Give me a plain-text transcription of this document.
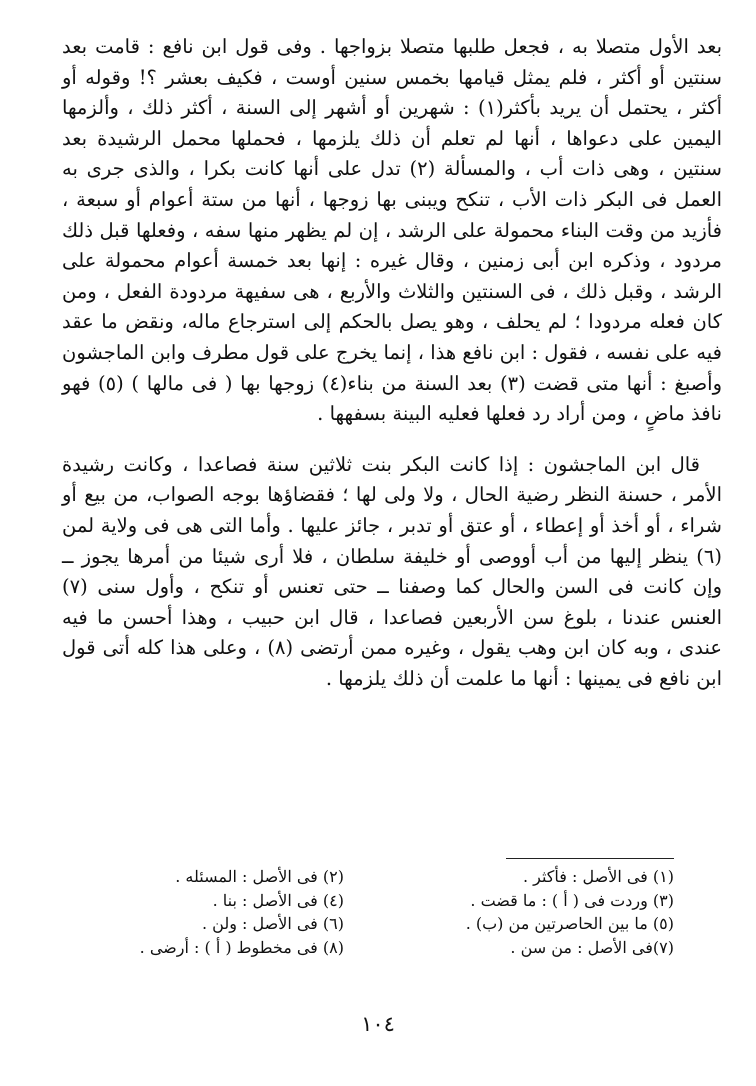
بعد الأول متصلا به ، فجعل طلبها متصلا بزواجها . وفى قول ابن نافع : قامت بعد سنتين أو أكثر ، فلم يمثل قيامها بخمس سنين أوست ، فكيف بعشر ؟! وقوله أو أكثر ، يحتمل أن يريد بأكثر(١) : شهرين أو أشهر إلى السنة ، أكثر ذلك ، وألزمها اليمين على دعواها ، أنها لم تعلم أن ذلك يلزمها ، فحملها محمل الرشيدة بعد سنتين ، وهى ذات أب ، والمسألة (٢) تدل على أنها كانت بكرا ، والذى جرى به العمل فى البكر ذات الأب ، تنكح ويبنى بها زوجها ، أنها من ستة أعوام أو سبعة ، فأزيد من وقت البناء محمولة على الرشد ، إن لم يظهر منها سفه ، وفعلها قبل ذلك مردود ، وذكره ابن أبى زمنين ، وقال غيره : إنها بعد خمسة أعوام محمولة على الرشد ، وقبل ذلك ، فى السنتين والثلاث والأربع ، هى سفيهة مردودة الفعل ، ومن كان فعله مردودا ؛ لم يحلف ، وهو يصل بالحكم إلى استرجاع ماله، ونقض ما عقد فيه على نفسه ، فقول : ابن نافع هذا ، إنما يخرج على قول مطرف وابن الماجشون وأصبغ : أنها متى قضت (٣) بعد السنة من بناء(٤) زوجها بها ( فى مالها ) (٥) فهو نافذ ماضٍ ، ومن أراد رد فعلها فعليه البينة بسفهها .

قال ابن الماجشون : إذا كانت البكر بنت ثلاثين سنة فصاعدا ، وكانت رشيدة الأمر ، حسنة النظر رضية الحال ، ولا ولى لها ؛ فقضاؤها بوجه الصواب، من بيع أو شراء ، أو أخذ أو إعطاء ، أو عتق أو تدبر ، جائز عليها . وأما التى هى فى ولاية لمن (٦) ينظر إليها من أب أووصى أو خليفة سلطان ، فلا أرى شيئا من أمرها يجوز ــ وإن كانت فى السن والحال كما وصفنا ــ حتى تعنس أو تنكح ، وأول سنى (٧) العنس عندنا ، بلوغ سن الأربعين فصاعدا ، قال ابن حبيب ، وهذا أحسن ما فيه عندى ، وبه كان ابن وهب يقول ، وغيره ممن أرتضى (٨) ، وعلى هذا كله أتى قول ابن نافع فى يمينها : أنها ما علمت أن ذلك يلزمها .

(١) فى الأصل : فأكثر .
(٢) فى الأصل : المسئله .
(٣) وردت فى ( أ ) : ما قضت .
(٤) فى الأصل : بنا .
(٥) ما بين الحاصرتين من (ب) .
(٦) فى الأصل : ولن .
(٧)فى الأصل : من سن .
(٨) فى مخطوط ( أ ) : أرضى .
١٠٤
